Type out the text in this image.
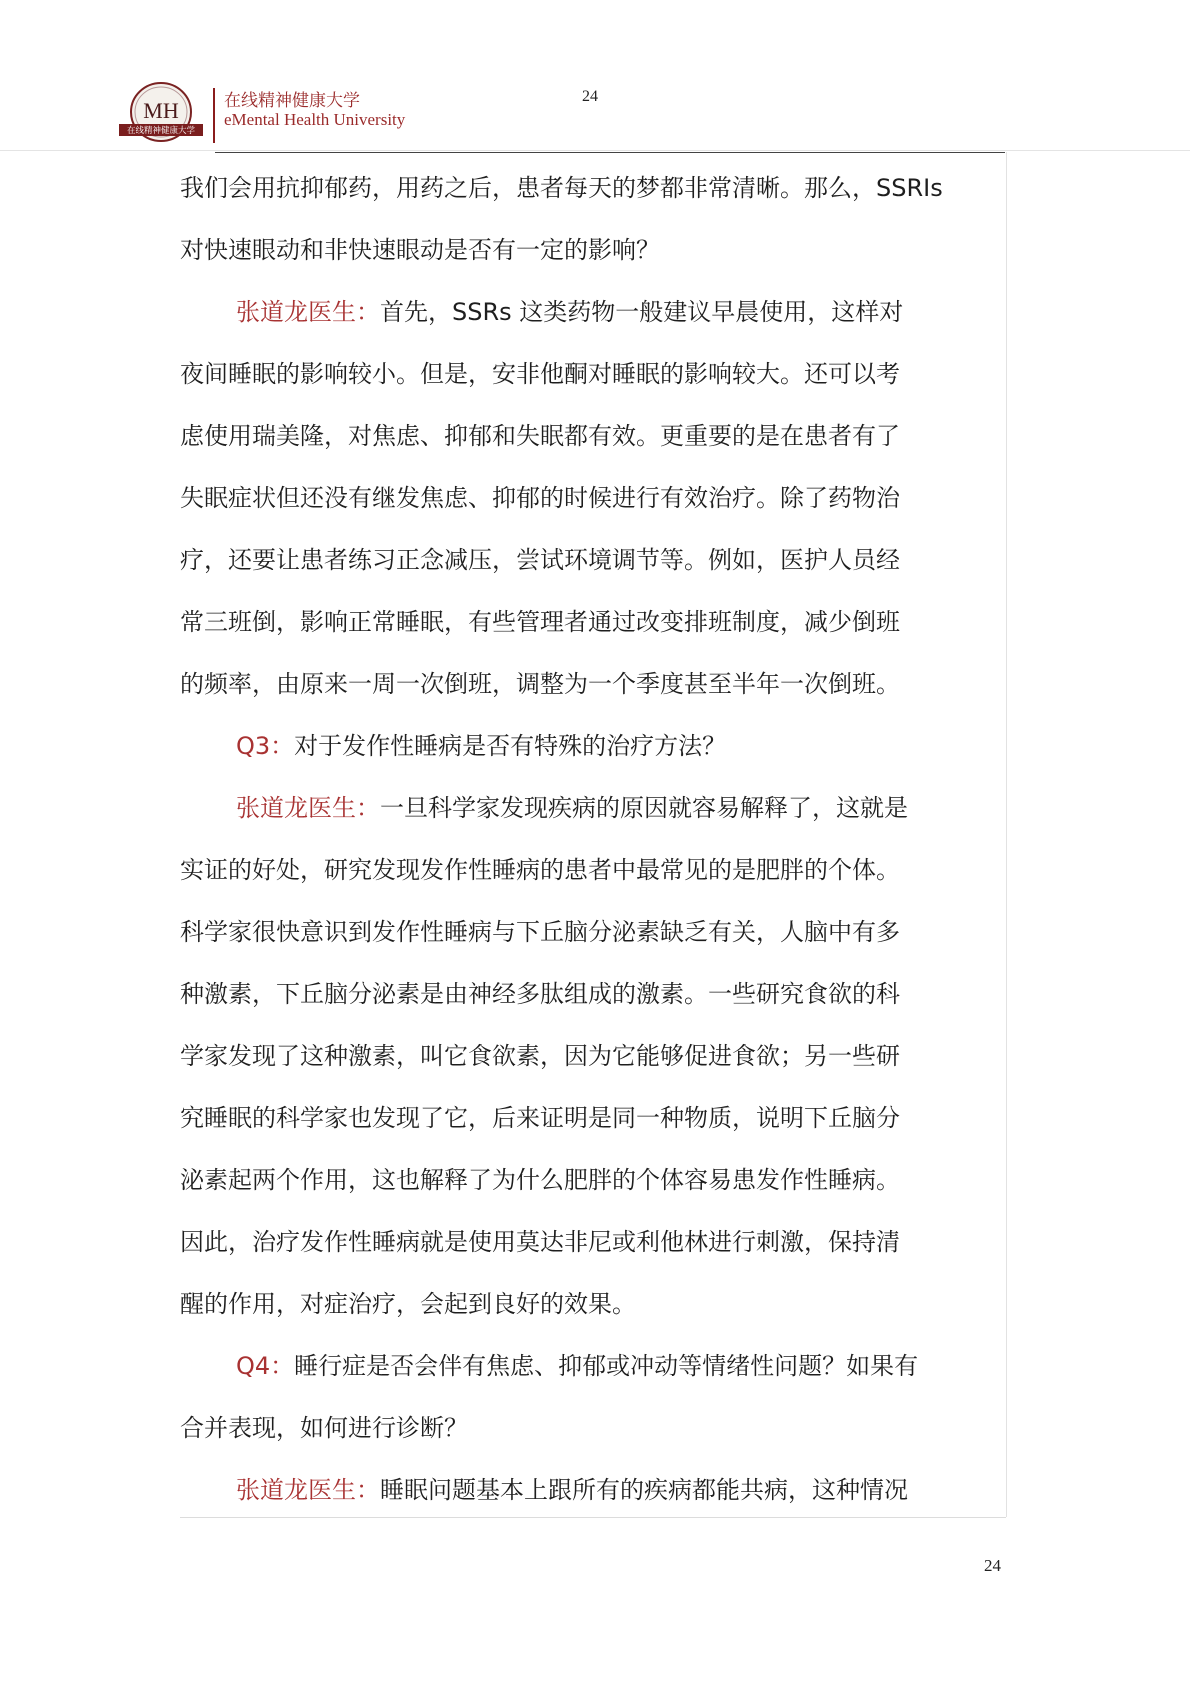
MH
在线精神健康大学
在线精神健康大学
eMental Health University
24

我们会用抗抑郁药，用药之后，患者每天的梦都非常清晰。那么，SSRIs

对快速眼动和非快速眼动是否有一定的影响？

张道龙医生：首先，SSRs 这类药物一般建议早晨使用，这样对

夜间睡眠的影响较小。但是，安非他酮对睡眠的影响较大。还可以考

虑使用瑞美隆，对焦虑、抑郁和失眠都有效。更重要的是在患者有了

失眠症状但还没有继发焦虑、抑郁的时候进行有效治疗。除了药物治

疗，还要让患者练习正念减压，尝试环境调节等。例如，医护人员经

常三班倒，影响正常睡眠，有些管理者通过改变排班制度，减少倒班

的频率，由原来一周一次倒班，调整为一个季度甚至半年一次倒班。

Q3：对于发作性睡病是否有特殊的治疗方法？

张道龙医生：一旦科学家发现疾病的原因就容易解释了，这就是

实证的好处，研究发现发作性睡病的患者中最常见的是肥胖的个体。

科学家很快意识到发作性睡病与下丘脑分泌素缺乏有关，人脑中有多

种激素，下丘脑分泌素是由神经多肽组成的激素。一些研究食欲的科

学家发现了这种激素，叫它食欲素，因为它能够促进食欲；另一些研

究睡眠的科学家也发现了它，后来证明是同一种物质，说明下丘脑分

泌素起两个作用，这也解释了为什么肥胖的个体容易患发作性睡病。

因此，治疗发作性睡病就是使用莫达非尼或利他林进行刺激，保持清

醒的作用，对症治疗，会起到良好的效果。

Q4：睡行症是否会伴有焦虑、抑郁或冲动等情绪性问题？如果有

合并表现，如何进行诊断？

张道龙医生：睡眠问题基本上跟所有的疾病都能共病，这种情况

24
